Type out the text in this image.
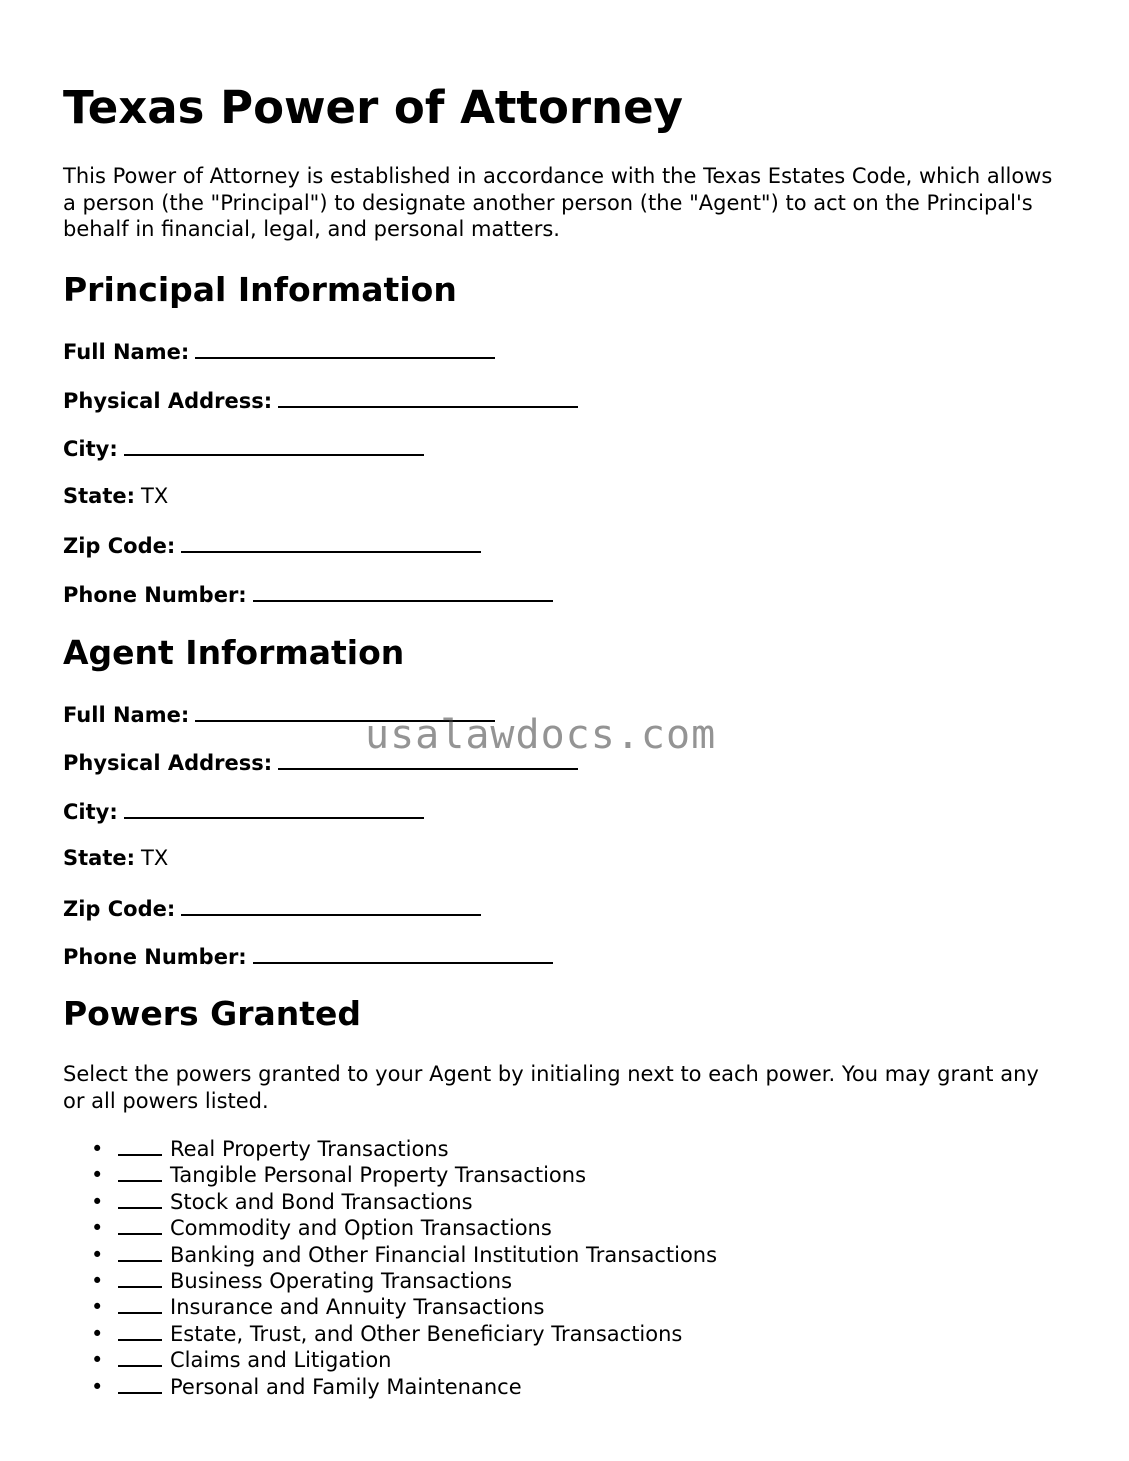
Texas Power of Attorney

This Power of Attorney is established in accordance with the Texas Estates Code, which allows a person (the "Principal") to designate another person (the "Agent") to act on the Principal's behalf in financial, legal, and personal matters.

Principal Information

Full Name:

Physical Address:

City:

State: TX

Zip Code:

Phone Number:

Agent Information

Full Name:

Physical Address:

City:

State: TX

Zip Code:

Phone Number:

Powers Granted

Select the powers granted to your Agent by initialing next to each power. You may grant any or all powers listed.

•	Real Property Transactions
•	Tangible Personal Property Transactions
•	Stock and Bond Transactions
•	Commodity and Option Transactions
•	Banking and Other Financial Institution Transactions
•	Business Operating Transactions
•	Insurance and Annuity Transactions
•	Estate, Trust, and Other Beneficiary Transactions
•	Claims and Litigation
•	Personal and Family Maintenance
usalawdocs.com
